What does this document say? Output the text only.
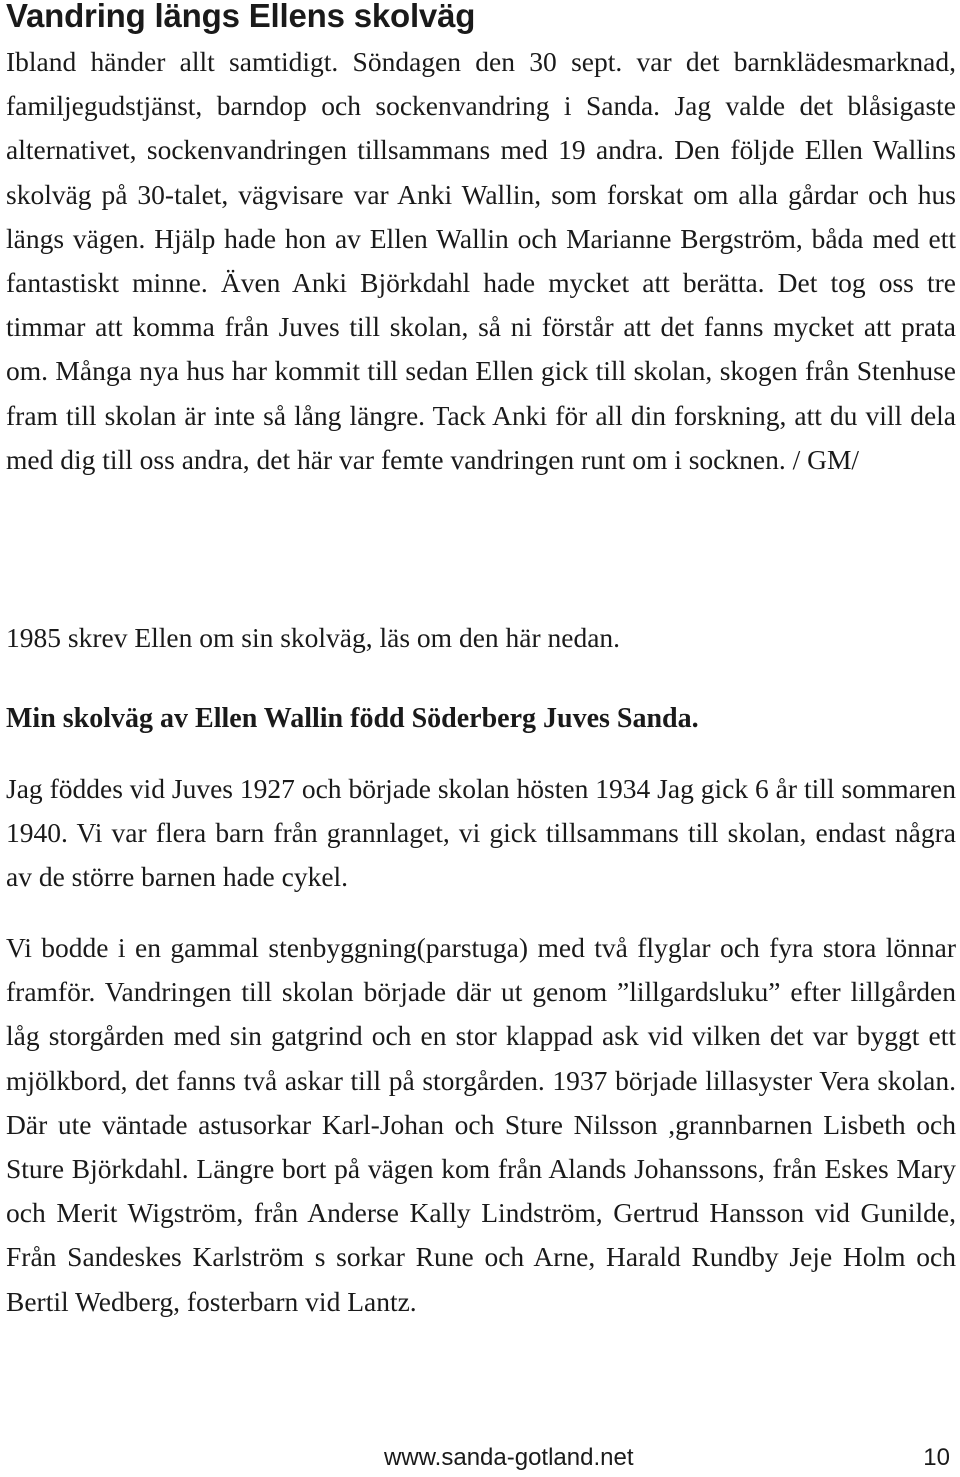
Vandring längs Ellens skolväg

Ibland händer allt samtidigt. Söndagen den 30 sept. var det barnklädesmarknad, familjegudstjänst, barndop och sockenvandring i Sanda. Jag valde det blåsigaste alternativet, sockenvandringen tillsammans med 19 andra. Den följde Ellen Wallins skolväg på 30-talet, vägvisare var Anki Wallin, som forskat om alla gårdar och hus längs vägen. Hjälp hade hon av Ellen Wallin och Marianne Bergström, båda med ett fantastiskt minne. Även Anki Björkdahl hade mycket att berätta. Det tog oss tre timmar att komma från Juves till skolan, så ni förstår att det fanns mycket att prata om. Många nya hus har kommit till sedan Ellen gick till skolan, skogen från Stenhuse fram till skolan är inte så lång längre. Tack Anki för all din forskning, att du vill dela med dig till oss andra, det här var femte vandringen runt om i socknen. / GM/

1985 skrev Ellen om sin skolväg, läs om den här nedan.

Min skolväg av Ellen Wallin född Söderberg Juves Sanda.

Jag föddes vid Juves 1927 och började skolan hösten 1934 Jag gick 6 år till sommaren 1940. Vi var flera barn från grannlaget, vi gick tillsammans till skolan, endast några av de större barnen hade cykel.

Vi bodde i en gammal stenbyggning(parstuga) med två flyglar och fyra stora lönnar framför. Vandringen till skolan började där ut genom ”lillgardsluku” efter lillgården låg storgården med sin gatgrind och en stor klappad ask vid vilken det var byggt ett mjölkbord, det fanns två askar till på storgården. 1937 började lillasyster Vera skolan. Där ute väntade astusorkar Karl-Johan och Sture Nilsson ,grannbarnen Lisbeth och Sture Björkdahl. Längre bort på vägen kom från Alands Johanssons, från Eskes Mary och Merit Wigström, från Anderse Kally Lindström, Gertrud Hansson vid Gunilde, Från Sandeskes Karlström s sorkar Rune och Arne, Harald Rundby Jeje Holm och Bertil Wedberg, fosterbarn vid Lantz.

www.sanda-gotland.net	10
